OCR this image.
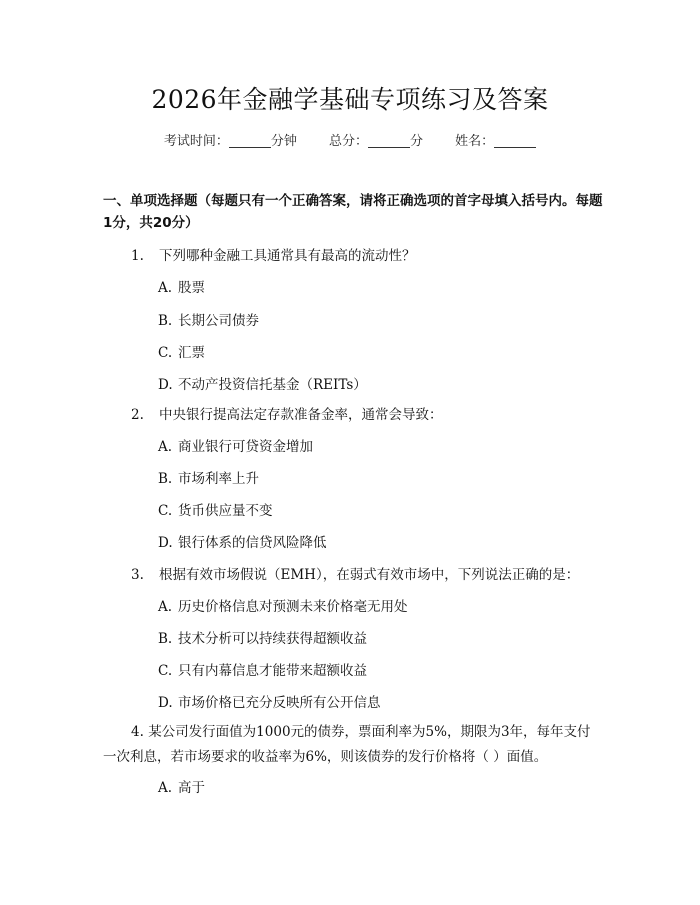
2026年金融学基础专项练习及答案
考试时间：	分钟 总分：	分 姓名：
一、单项选择题（每题只有一个正确答案，请将正确选项的首字母填入括号内。每题1分，共20分）
1. 下列哪种金融工具通常具有最高的流动性？
A. 股票
B. 长期公司债券
C. 汇票
D. 不动产投资信托基金（REITs）
2. 中央银行提高法定存款准备金率，通常会导致：
A. 商业银行可贷资金增加
B. 市场利率上升
C. 货币供应量不变
D. 银行体系的信贷风险降低
3. 根据有效市场假说（EMH），在弱式有效市场中，下列说法正确的是：
A. 历史价格信息对预测未来价格毫无用处
B. 技术分析可以持续获得超额收益
C. 只有内幕信息才能带来超额收益
D. 市场价格已充分反映所有公开信息
4. 某公司发行面值为1000元的债券，票面利率为5%，期限为3年，每年支付一次利息，若市场要求的收益率为6%，则该债券的发行价格将（ ）面值。
A. 高于
